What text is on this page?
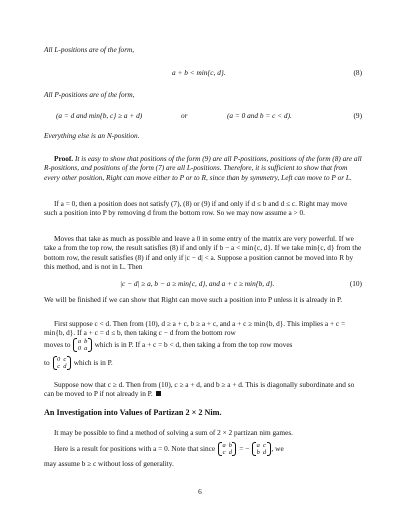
All L-positions are of the form,

a + b < min{c, d}.	(8)

All P-positions are of the form,

(a = d and min{b, c} ≥ a + d)	or	(a = 0 and b = c < d).	(9)

Everything else is an N-position.

Proof. It is easy to show that positions of the form (9) are all P-positions, positions of the form (8) are all R-positions, and positions of the form (7) are all L-positions. Therefore, it is sufficient to show that from every other position, Right can move either to P or to R, since than by symmetry, Left can move to P or L.

If a = 0, then a position does not satisfy (7), (8) or (9) if and only if d ≤ b and d ≤ c. Right may move such a position into P by removing d from the bottom row. So we may now assume a > 0.

Moves that take as much as possible and leave a 0 in some entry of the matrix are very powerful. If we take a from the top row, the result satisfies (8) if and only if b − a < min{c, d}. If we take min{c, d} from the bottom row, the result satisfies (8) if and only if |c − d| < a. Suppose a position cannot be moved into R by this method, and is not in L. Then

|c − d| ≥ a, b − a ≥ min{c, d}, and a + c ≥ min{b, d}.	(10)

We will be finished if we can show that Right can move such a position into P unless it is already in P.

First suppose c < d. Then from (10), d ≥ a + c, b ≥ a + c, and a + c ≥ min{b, d}. This implies a + c = min{b, d}. If a + c = d ≤ b, then taking c − d from the bottom row

moves to a	b
0	a which is in P. If a + c = b < d, then taking a from the top row moves
to 0	c
c	d which is in P.

Suppose now that c ≥ d. Then from (10), c ≥ a + d, and b ≥ a + d. This is diagonally subordinate and so can be moved to P if not already in P.

An Investigation into Values of Partizan 2 × 2 Nim.

It may be possible to find a method of solving a sum of 2 × 2 partizan nim games.

Here is a result for positions with a = 0. Note that since a	b
c	d = − a	c
b	d , we

may assume b ≥ c without loss of generality.

6
